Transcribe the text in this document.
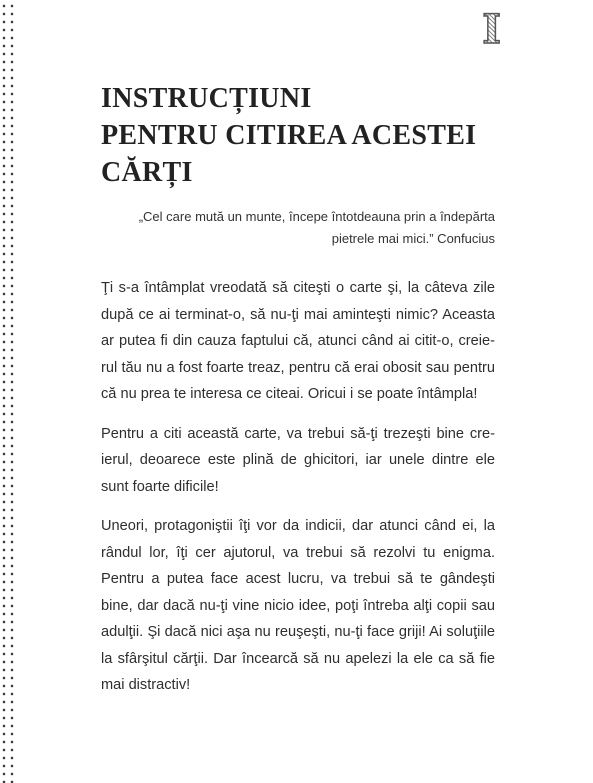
I
INSTRUCȚIUNI
PENTRU CITIREA ACESTEI
CĂRȚI
„Cel care mută un munte, începe întotdeauna prin a îndepărta
pietrele mai mici.” Confucius

Ţi s-a întâmplat vreodată să citeşti o carte şi, la câteva zile după ce ai terminat-o, să nu-ţi mai aminteşti nimic? Aceasta ar putea fi din cauza faptului că, atunci când ai citit-o, creierul tău nu a fost foarte treaz, pentru că erai obosit sau pentru că nu prea te interesa ce citeai. Oricui i se poate întâmpla!

Pentru a citi această carte, va trebui să-ţi trezeşti bine creierul, deoarece este plină de ghicitori, iar unele dintre ele sunt foarte dificile!

Uneori, protagoniştii îţi vor da indicii, dar atunci când ei, la rândul lor, îţi cer ajutorul, va trebui să rezolvi tu enigma. Pentru a putea face acest lucru, va trebui să te gândeşti bine, dar dacă nu-ţi vine nicio idee, poţi întreba alţi copii sau adulţii. Şi dacă nici aşa nu reuşeşti, nu-ţi face griji! Ai soluţiile la sfârşitul cărţii. Dar încearcă să nu apelezi la ele ca să fie mai distractiv!
